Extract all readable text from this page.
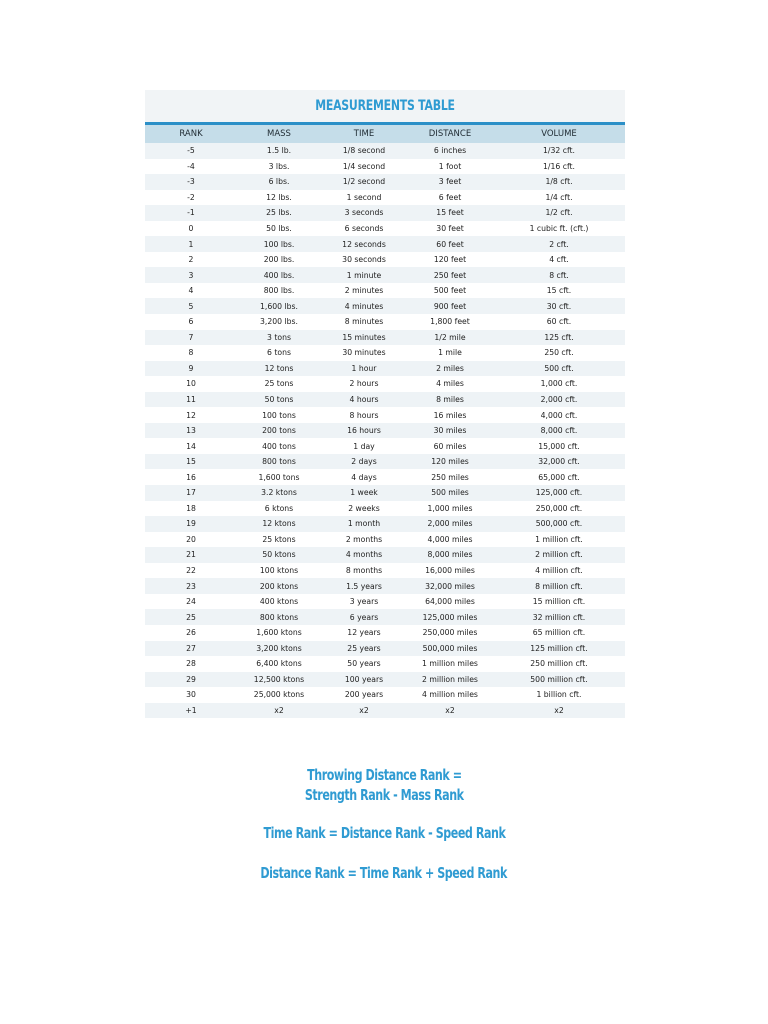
MEASUREMENTS TABLE
RANK	MASS	TIME	DISTANCE	VOLUME
-5	1.5 lb.	1/8 second	6 inches	1/32 cft.
-4	3 lbs.	1/4 second	1 foot	1/16 cft.
-3	6 lbs.	1/2 second	3 feet	1/8 cft.
-2	12 lbs.	1 second	6 feet	1/4 cft.
-1	25 lbs.	3 seconds	15 feet	1/2 cft.
0	50 lbs.	6 seconds	30 feet	1 cubic ft. (cft.)
1	100 lbs.	12 seconds	60 feet	2 cft.
2	200 lbs.	30 seconds	120 feet	4 cft.
3	400 lbs.	1 minute	250 feet	8 cft.
4	800 lbs.	2 minutes	500 feet	15 cft.
5	1,600 lbs.	4 minutes	900 feet	30 cft.
6	3,200 lbs.	8 minutes	1,800 feet	60 cft.
7	3 tons	15 minutes	1/2 mile	125 cft.
8	6 tons	30 minutes	1 mile	250 cft.
9	12 tons	1 hour	2 miles	500 cft.
10	25 tons	2 hours	4 miles	1,000 cft.
11	50 tons	4 hours	8 miles	2,000 cft.
12	100 tons	8 hours	16 miles	4,000 cft.
13	200 tons	16 hours	30 miles	8,000 cft.
14	400 tons	1 day	60 miles	15,000 cft.
15	800 tons	2 days	120 miles	32,000 cft.
16	1,600 tons	4 days	250 miles	65,000 cft.
17	3.2 ktons	1 week	500 miles	125,000 cft.
18	6 ktons	2 weeks	1,000 miles	250,000 cft.
19	12 ktons	1 month	2,000 miles	500,000 cft.
20	25 ktons	2 months	4,000 miles	1 million cft.
21	50 ktons	4 months	8,000 miles	2 million cft.
22	100 ktons	8 months	16,000 miles	4 million cft.
23	200 ktons	1.5 years	32,000 miles	8 million cft.
24	400 ktons	3 years	64,000 miles	15 million cft.
25	800 ktons	6 years	125,000 miles	32 million cft.
26	1,600 ktons	12 years	250,000 miles	65 million cft.
27	3,200 ktons	25 years	500,000 miles	125 million cft.
28	6,400 ktons	50 years	1 million miles	250 million cft.
29	12,500 ktons	100 years	2 million miles	500 million cft.
30	25,000 ktons	200 years	4 million miles	1 billion cft.
+1	x2	x2	x2	x2
Throwing Distance Rank =
Strength Rank - Mass Rank
Time Rank = Distance Rank - Speed Rank
Distance Rank = Time Rank + Speed Rank
